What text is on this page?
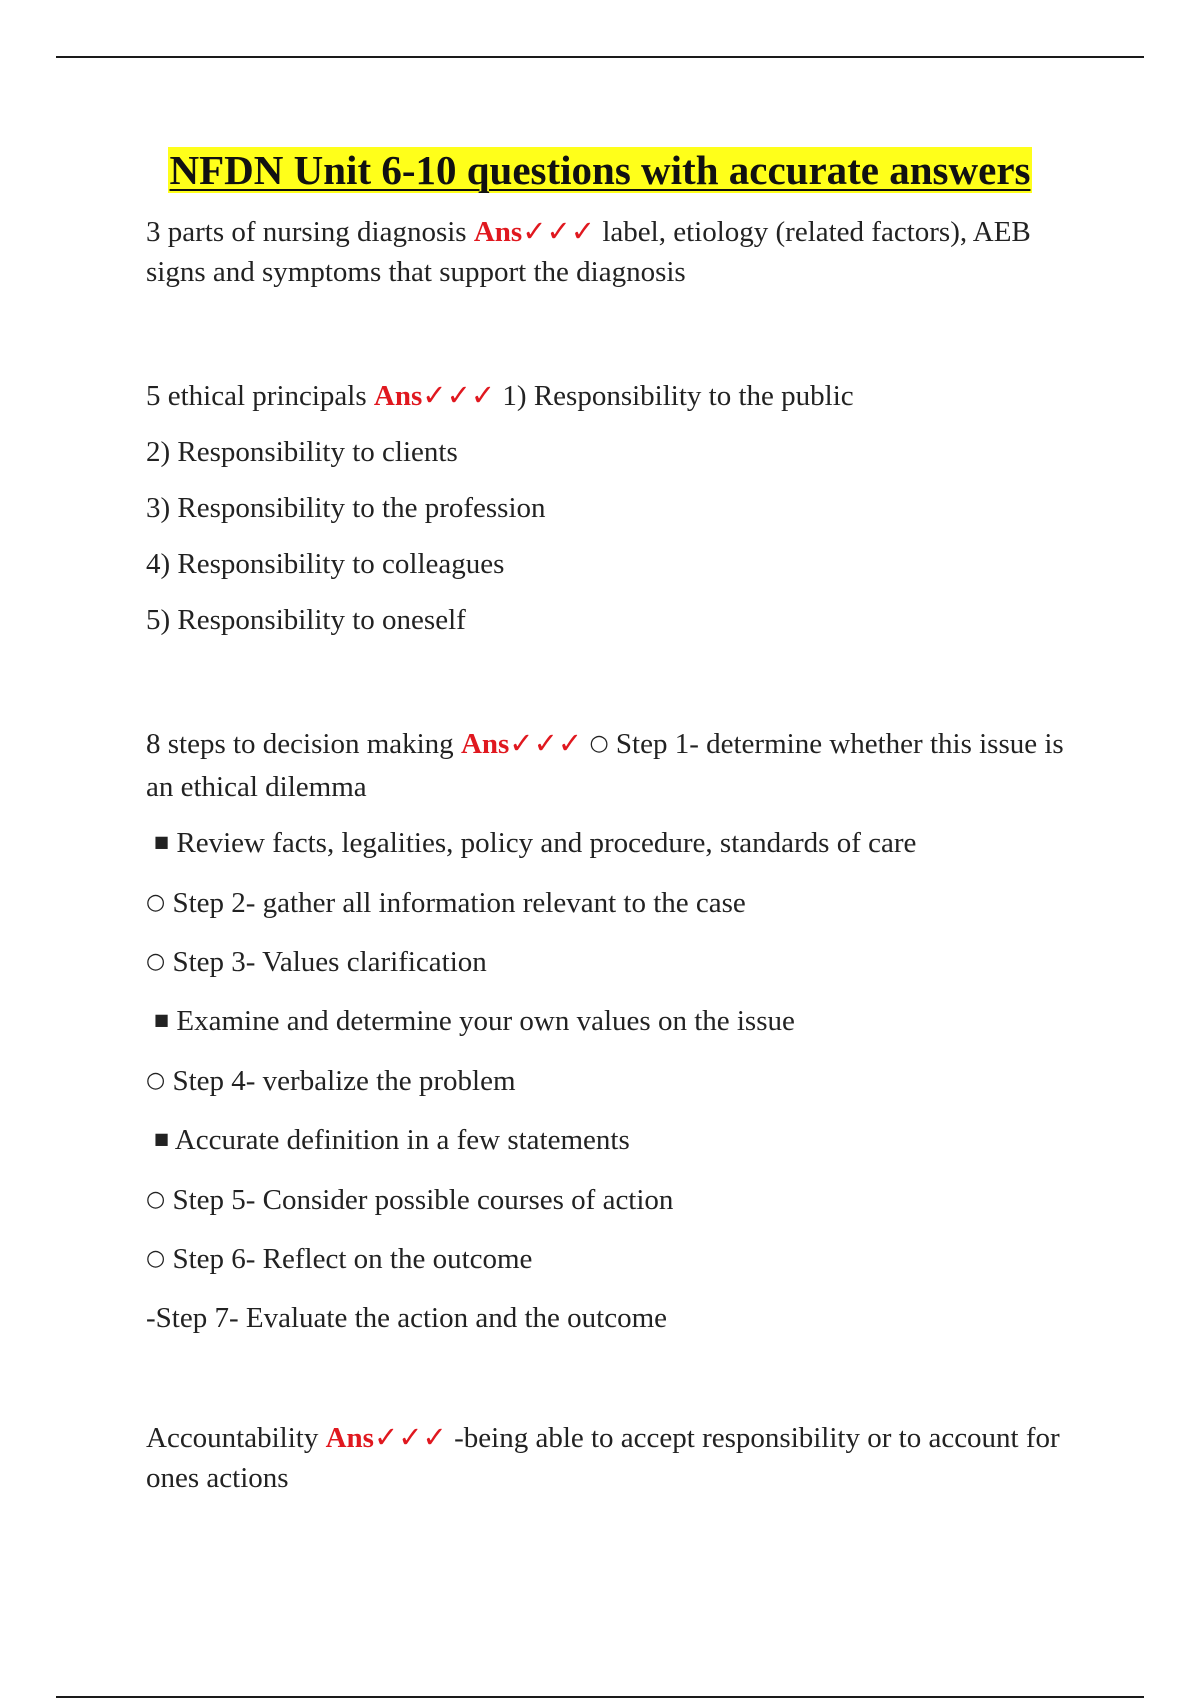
NFDN Unit 6-10 questions with accurate answers

3 parts of nursing diagnosis Ans✓✓✓ label, etiology (related factors), AEB signs and symptoms that support the diagnosis

5 ethical principals Ans✓✓✓ 1) Responsibility to the public

2) Responsibility to clients

3) Responsibility to the profession

4) Responsibility to colleagues

5) Responsibility to oneself

8 steps to decision making Ans✓✓✓ ○ Step 1- determine whether this issue is an ethical dilemma

■ Review facts, legalities, policy and procedure, standards of care

○ Step 2- gather all information relevant to the case

○ Step 3- Values clarification

■ Examine and determine your own values on the issue

○ Step 4- verbalize the problem

■ Accurate definition in a few statements

○ Step 5- Consider possible courses of action

○ Step 6- Reflect on the outcome

-Step 7- Evaluate the action and the outcome

Accountability Ans✓✓✓ -being able to accept responsibility or to account for ones actions
